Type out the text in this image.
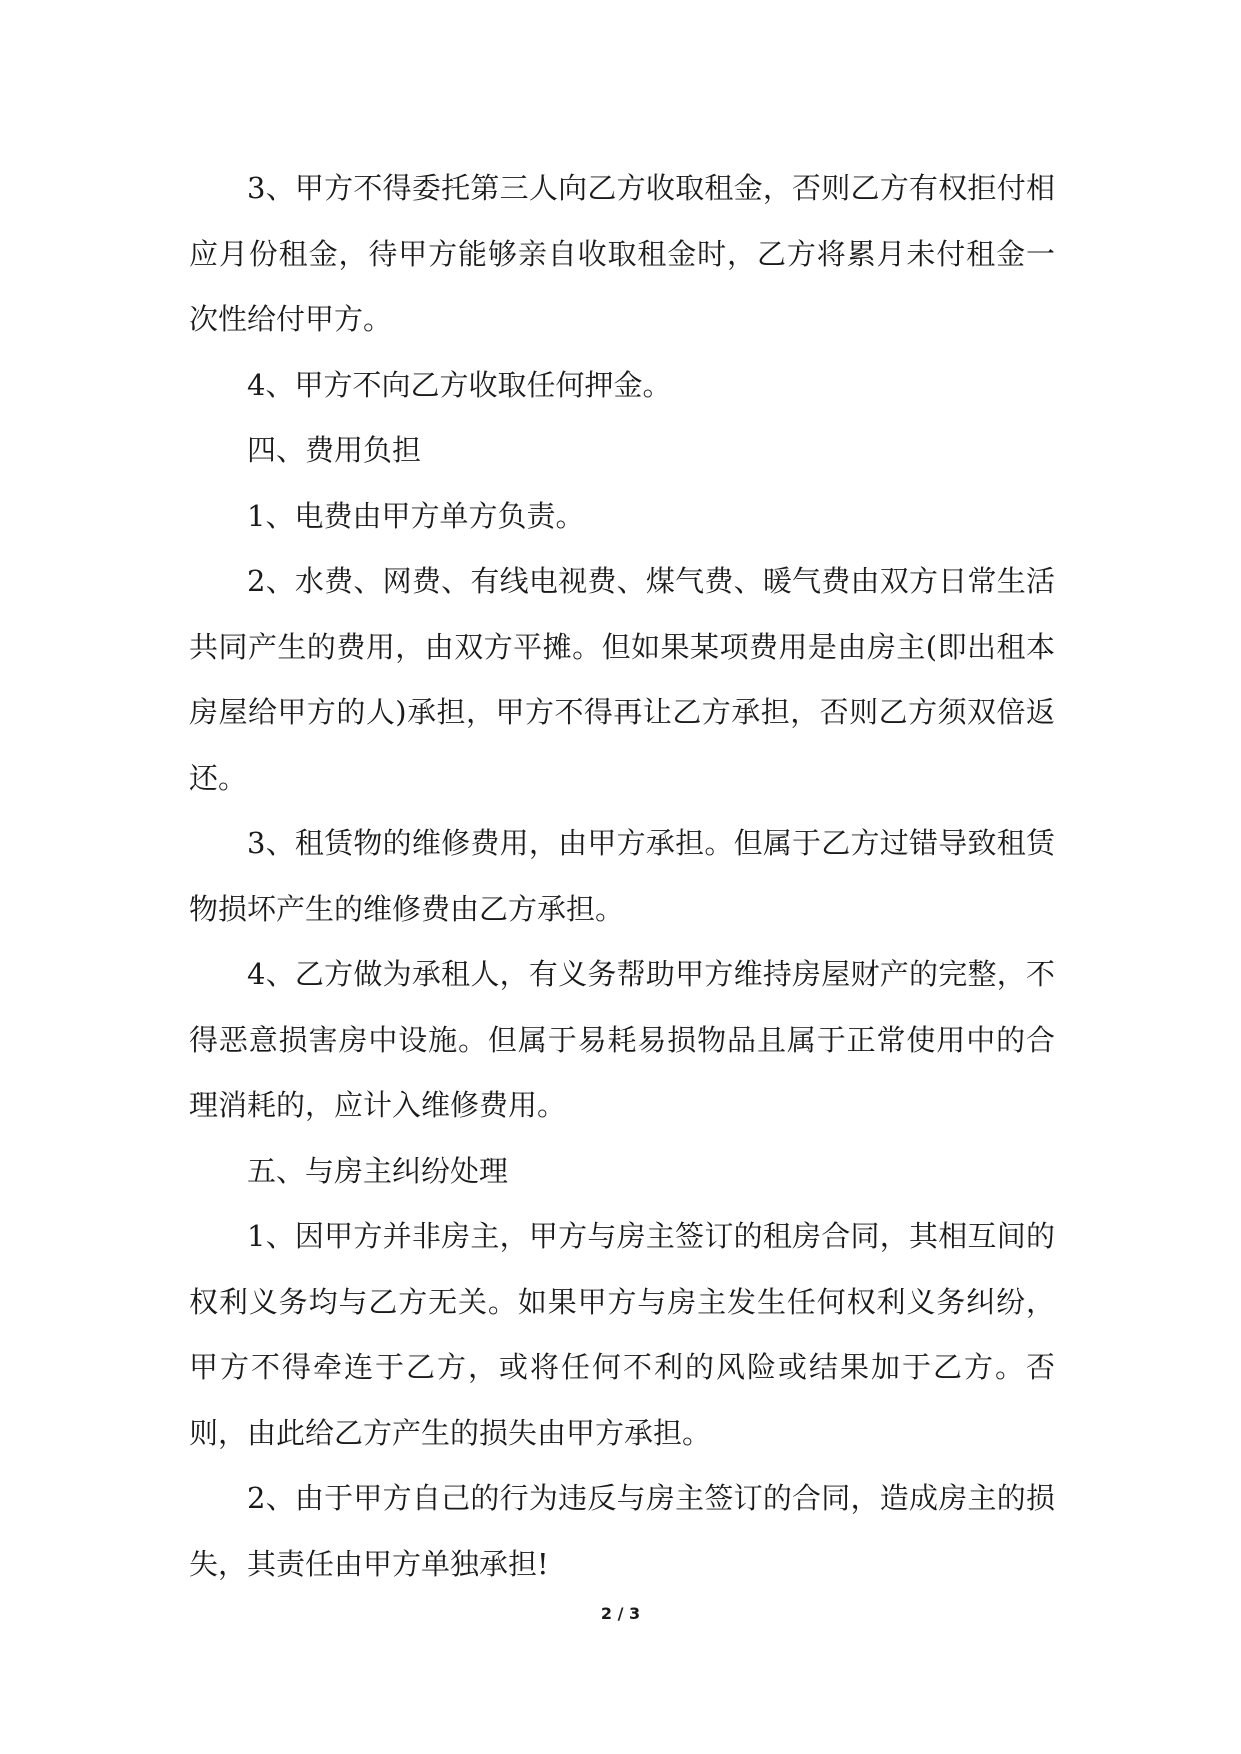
3、甲方不得委托第三人向乙方收取租金，否则乙方有权拒付相应月份租金，待甲方能够亲自收取租金时，乙方将累月未付租金一次性给付甲方。

4、甲方不向乙方收取任何押金。

四、费用负担

1、电费由甲方单方负责。

2、水费、网费、有线电视费、煤气费、暖气费由双方日常生活共同产生的费用，由双方平摊。但如果某项费用是由房主(即出租本房屋给甲方的人)承担，甲方不得再让乙方承担，否则乙方须双倍返还。

3、租赁物的维修费用，由甲方承担。但属于乙方过错导致租赁物损坏产生的维修费由乙方承担。

4、乙方做为承租人，有义务帮助甲方维持房屋财产的完整，不得恶意损害房中设施。但属于易耗易损物品且属于正常使用中的合理消耗的，应计入维修费用。

五、与房主纠纷处理

1、因甲方并非房主，甲方与房主签订的租房合同，其相互间的权利义务均与乙方无关。如果甲方与房主发生任何权利义务纠纷，甲方不得牵连于乙方，或将任何不利的风险或结果加于乙方。否则，由此给乙方产生的损失由甲方承担。

2、由于甲方自己的行为违反与房主签订的合同，造成房主的损失，其责任由甲方单独承担!

2 / 3
